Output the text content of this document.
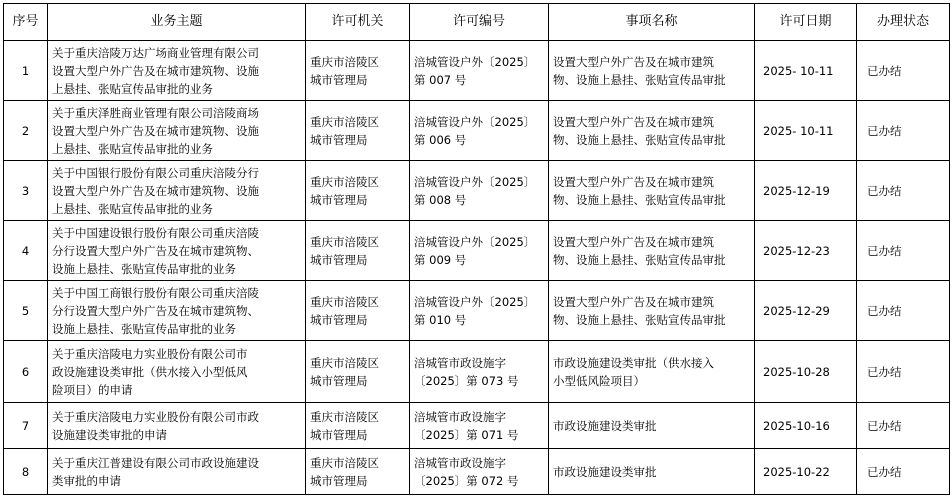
序号	业务主题	许可机关	许可编号	事项名称	许可日期	办理状态
1	关于重庆涪陵万达广场商业管理有限公司
设置大型户外广告及在城市建筑物、设施
上悬挂、张贴宣传品审批的业务	重庆市涪陵区
城市管理局	涪城管设户外〔2025〕
第 007 号	设置大型户外广告及在城市建筑
物、设施上悬挂、张贴宣传品审批	2025- 10-11	已办结
2	关于重庆泽胜商业管理有限公司涪陵商场
设置大型户外广告及在城市建筑物、设施
上悬挂、张贴宣传品审批的业务	重庆市涪陵区
城市管理局	涪城管设户外〔2025〕
第 006 号	设置大型户外广告及在城市建筑
物、设施上悬挂、张贴宣传品审批	2025- 10-11	已办结
3	关于中国银行股份有限公司重庆涪陵分行
设置大型户外广告及在城市建筑物、设施
上悬挂、张贴宣传品审批的业务	重庆市涪陵区
城市管理局	涪城管设户外〔2025〕
第 008 号	设置大型户外广告及在城市建筑
物、设施上悬挂、张贴宣传品审批	2025-12-19	已办结
4	关于中国建设银行股份有限公司重庆涪陵
分行设置大型户外广告及在城市建筑物、
设施上悬挂、张贴宣传品审批的业务	重庆市涪陵区
城市管理局	涪城管设户外〔2025〕
第 009 号	设置大型户外广告及在城市建筑
物、设施上悬挂、张贴宣传品审批	2025-12-23	已办结
5	关于中国工商银行股份有限公司重庆涪陵
分行设置大型户外广告及在城市建筑物、
设施上悬挂、张贴宣传品审批的业务	重庆市涪陵区
城市管理局	涪城管设户外〔2025〕
第 010 号	设置大型户外广告及在城市建筑
物、设施上悬挂、张贴宣传品审批	2025-12-29	已办结
6	关于重庆涪陵电力实业股份有限公司市
政设施建设类审批（供水接入小型低风
险项目）的申请	重庆市涪陵区
城市管理局	涪城管市政设施字
〔2025〕第 073 号	市政设施建设类审批（供水接入
小型低风险项目）	2025-10-28	已办结
7	关于重庆涪陵电力实业股份有限公司市政
设施建设类审批的申请	重庆市涪陵区
城市管理局	涪城管市政设施字
〔2025〕第 071 号	市政设施建设类审批	2025-10-16	已办结
8	关于重庆江普建设有限公司市政设施建设
类审批的申请	重庆市涪陵区
城市管理局	涪城管市政设施字
〔2025〕第 072 号	市政设施建设类审批	2025-10-22	已办结
